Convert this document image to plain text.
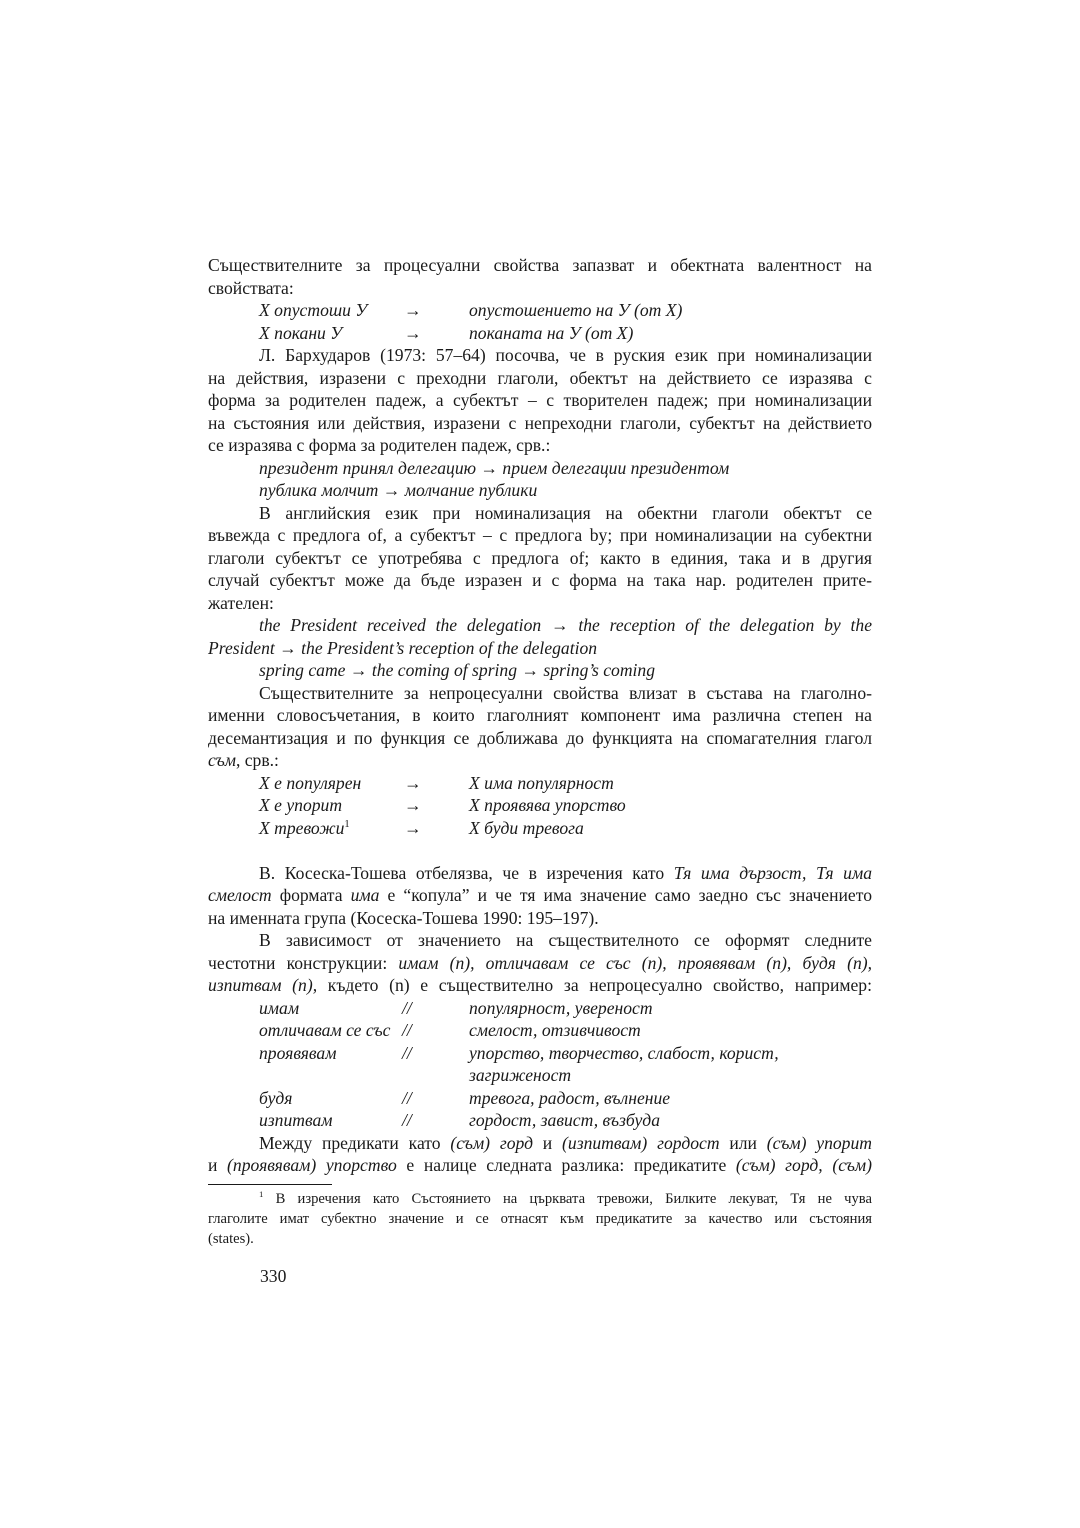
Съществителните за процесуални свойства запазват и обектната валентност на
свойствата:
X опустоши У →	опустошението на У (от X)
X покани У	→	поканата на У (от X)
Л. Бархударов (1973: 57–64) посочва, че в руския език при номинализации
на действия, изразени с преходни глаголи, обектът на действието се изразява с
форма за родителен падеж, а субектът – с творителен падеж; при номинализации
на състояния или действия, изразени с непреходни глаголи, субектът на действието
се изразява с форма за родителен падеж, срв.:
президент принял делегацию → прием делегации президентом
публика молчит → молчание публики
В английския език при номинализация на обектни глаголи обектът се
въвежда с предлога of, а субектът – с предлога by; при номинализации на субектни
глаголи субектът се употребява с предлога of; както в единия, така и в другия
случай субектът може да бъде изразен и с форма на така нар. родителен прите-
жателен:
the President received the delegation → the reception of the delegation by the
President → the President’s reception of the delegation
spring came → the coming of spring → spring’s coming
Съществителните за непроцесуални свойства влизат в състава на глаголно-
именни словосъчетания, в които глаголният компонент има различна степен на
десемантизация и по функция се доближава до функцията на спомагателния глагол
съм, срв.:
X е популярен →	X има популярност
X е упорит	→	X проявява упорство
X тревожи$^1$	→	X буди тревога
В. Косеска-Тошева отбелязва, че в изречения като Тя има дързост, Тя има
смелост формата има е “копула” и че тя има значение само заедно със значението
на именната група (Косеска-Тошева 1990: 195–197).
В зависимост от значението на съществителното се оформят следните
честотни конструкции: имам (n), отличавам се със (n), проявявам (n), будя (n),
изпитвам (n), където (n) е съществително за непроцесуално свойство, например:
имам	//	популярност, увереност
отличавам се със //	смелост, отзивчивост
проявявам	//	упорство, творчество, слабост, корист,
загриженост
будя	//	тревога, радост, вълнение
изпитвам	//	гордост, завист, възбуда
Между предикати като (съм) горд и (изпитвам) гордост или (съм) упорит
и (проявявам) упорство е налице следната разлика: предикатите (съм) горд, (съм)
$^1$ В изречения като Състоянието на църквата тревожи, Билките лекуват, Тя не чува
глаголите имат субектно значение и се отнасят към предикатите за качество или състояния
(states).
330
